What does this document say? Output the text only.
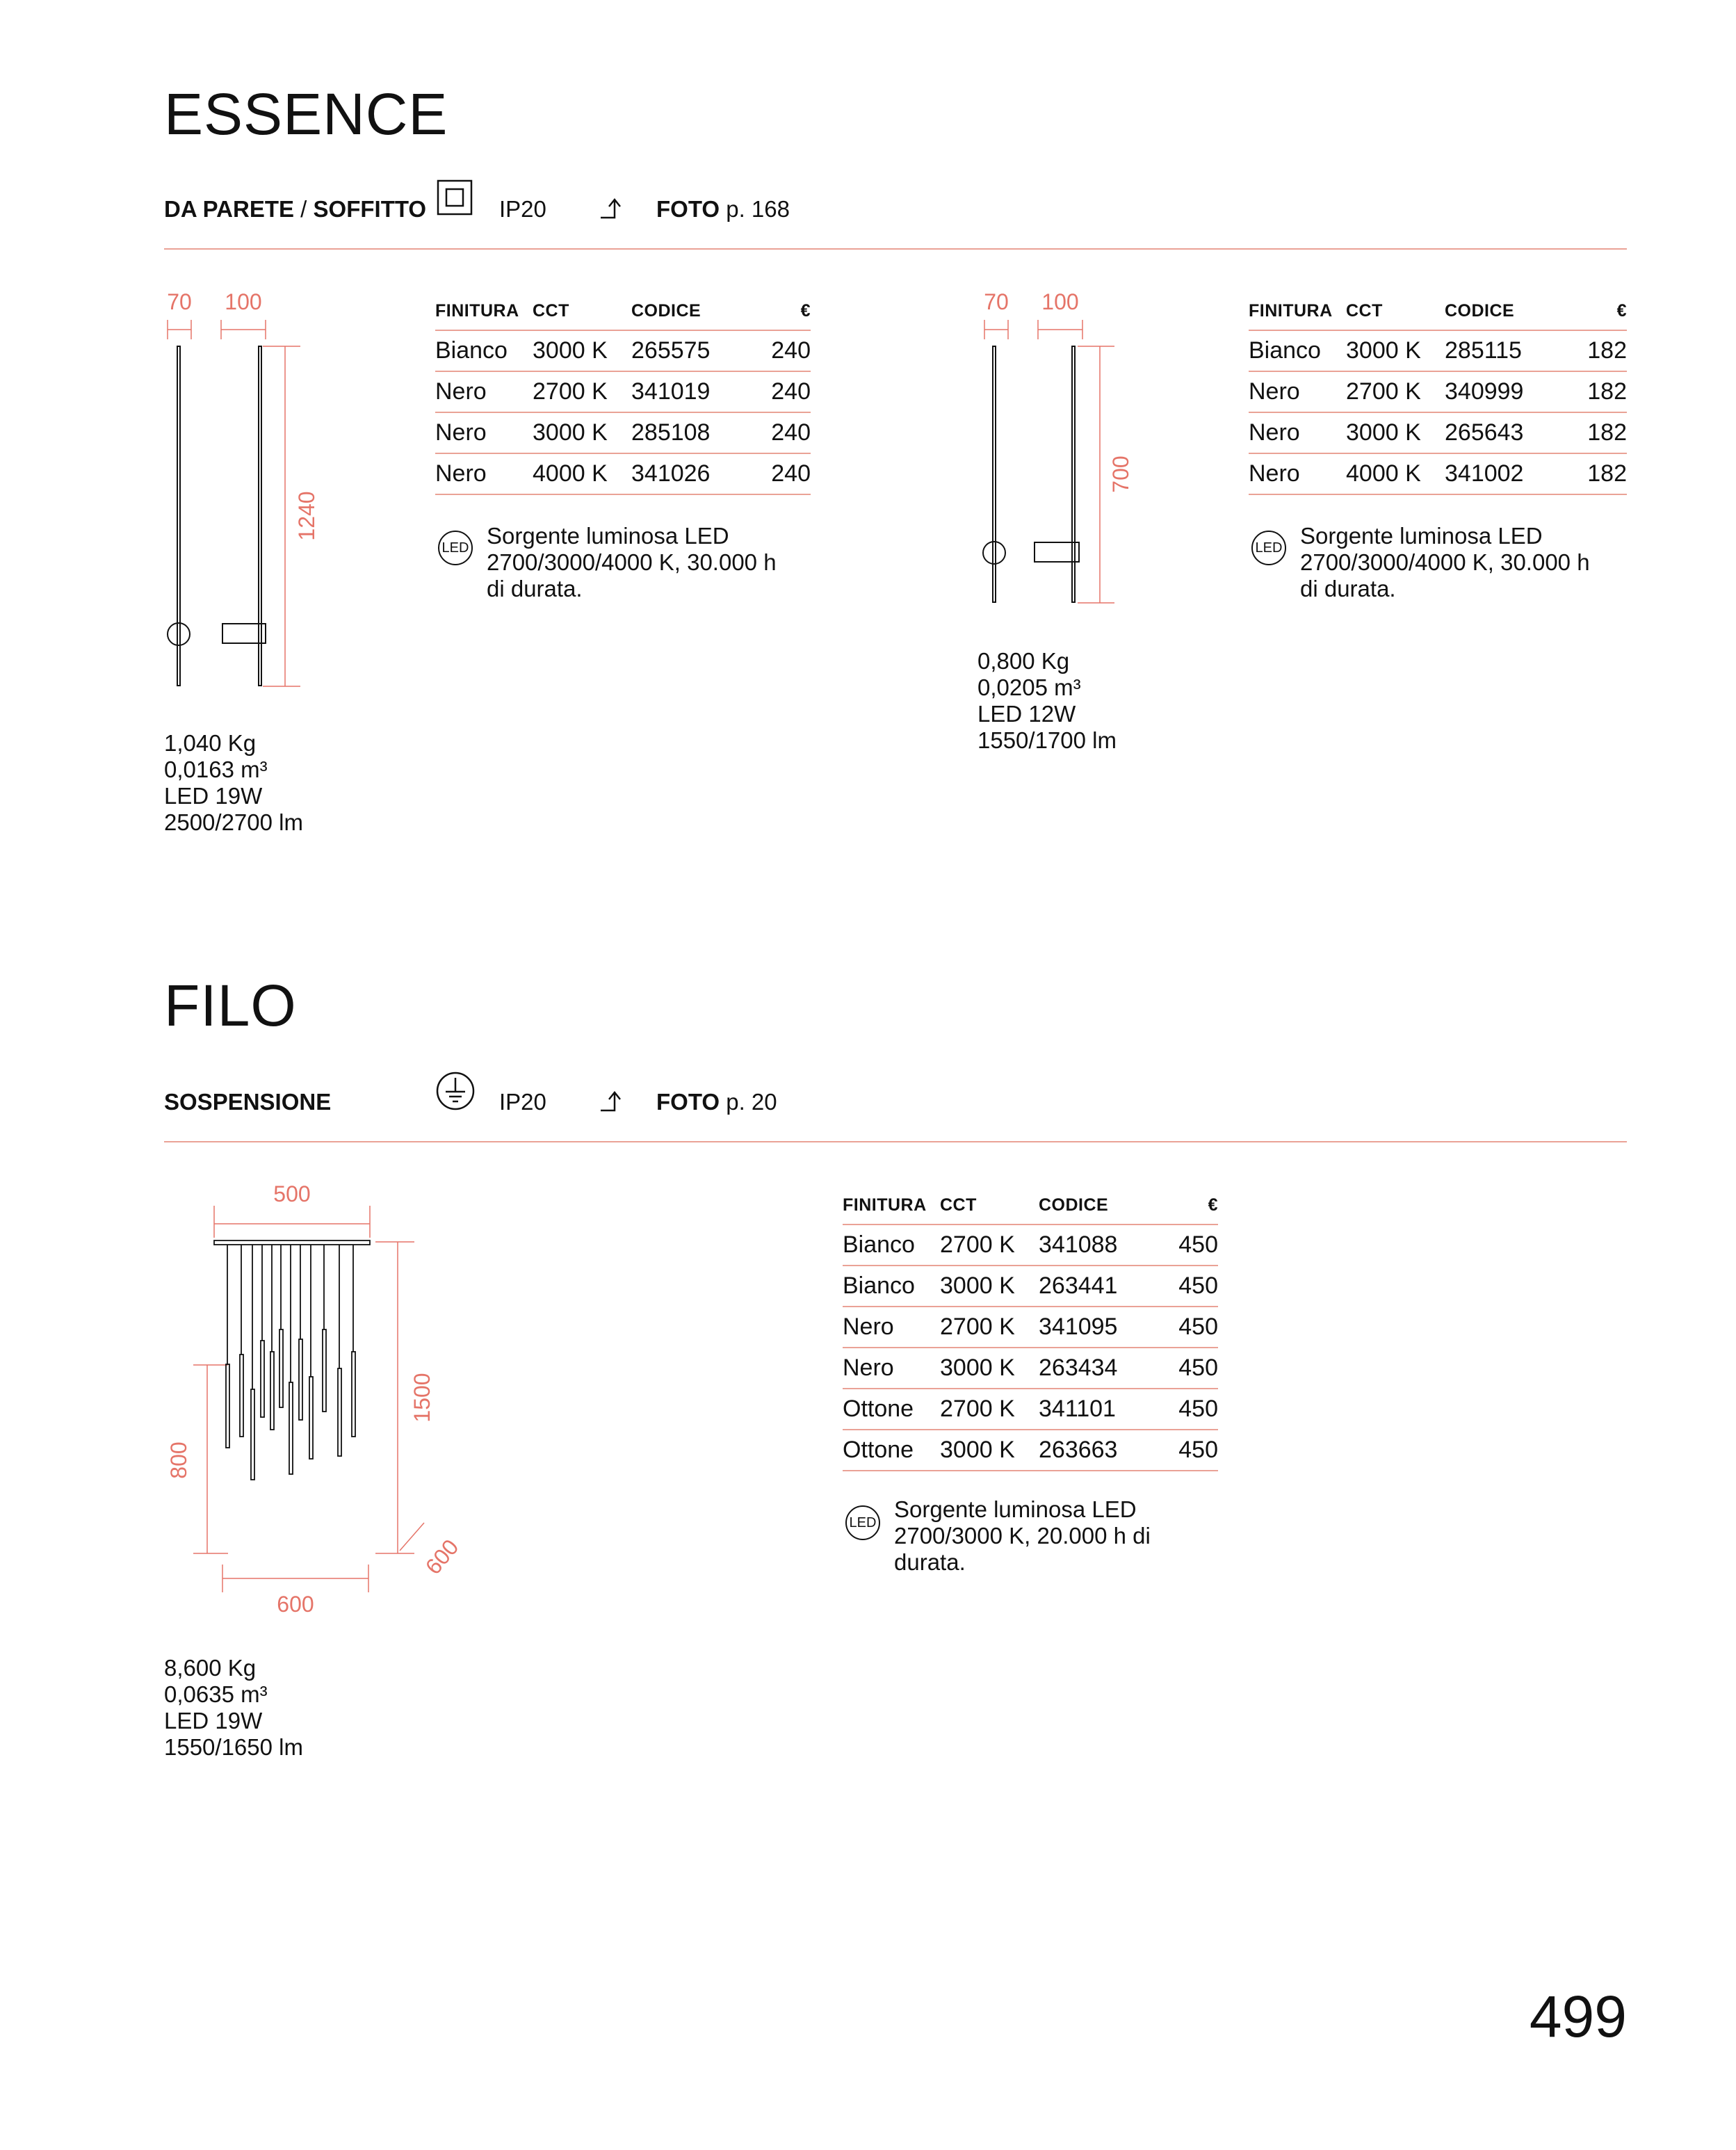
ESSENCE
DA PARETE / SOFFITTO	IP20	FOTO p. 168
70 100
1240
FINITURA	CCT	CODICE	€
Bianco	3000 K	265575	240
Nero	2700 K	341019	240
Nero	3000 K	285108	240
Nero	4000 K	341026	240
LED Sorgente luminosa LED
2700/3000/4000 K, 30.000 h
di durata.
1,040 Kg
0,0163 m³
LED 19W
2500/2700 lm
70 100
700
FINITURA	CCT	CODICE	€
Bianco	3000 K	285115	182
Nero	2700 K	340999	182
Nero	3000 K	265643	182
Nero	4000 K	341002	182
LED Sorgente luminosa LED
2700/3000/4000 K, 30.000 h
di durata.
0,800 Kg
0,0205 m³
LED 12W
1550/1700 lm
FILO
SOSPENSIONE	IP20	FOTO p. 20
500
600
1500
800
600
FINITURA	CCT	CODICE	€
Bianco	2700 K	341088	450
Bianco	3000 K	263441	450
Nero	2700 K	341095	450
Nero	3000 K	263434	450
Ottone	2700 K	341101	450
Ottone	3000 K	263663	450
LED
Sorgente luminosa LED
2700/3000 K, 20.000 h di
durata.
8,600 Kg
0,0635 m³
LED 19W
1550/1650 lm
499
